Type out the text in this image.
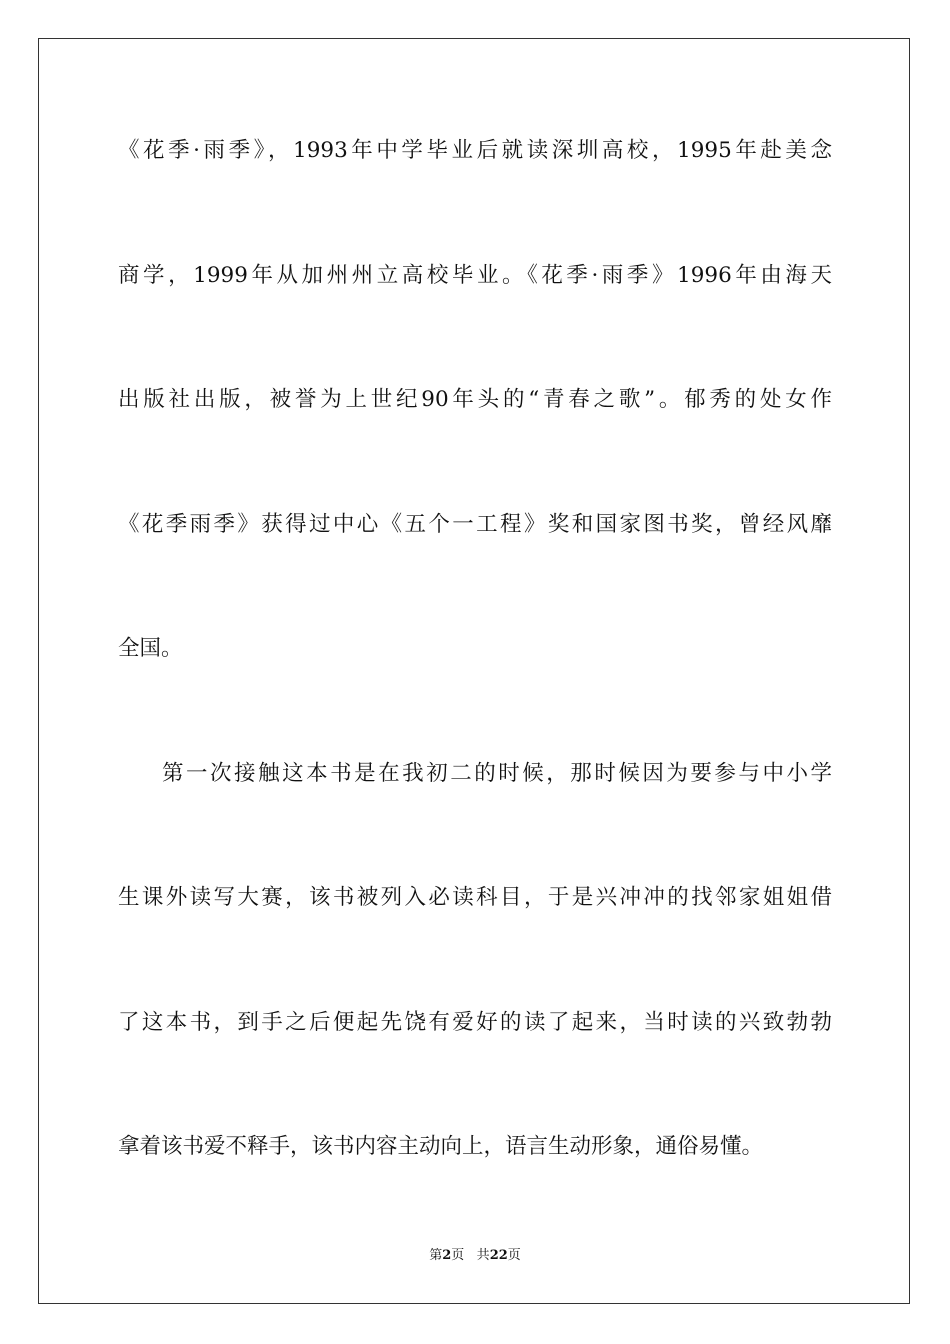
《花季·雨季》，1993年中学毕业后就读深圳高校，1995年赴美念
商学，1999年从加州州立高校毕业。《花季·雨季》1996年由海天
出版社出版，被誉为上世纪90年头的“青春之歌”。郁秀的处女作
《花季雨季》获得过中心《五个一工程》奖和国家图书奖，曾经风靡
全国。
第一次接触这本书是在我初二的时候，那时候因为要参与中小学
生课外读写大赛，该书被列入必读科目，于是兴冲冲的找邻家姐姐借
了这本书，到手之后便起先饶有爱好的读了起来，当时读的兴致勃勃
拿着该书爱不释手，该书内容主动向上，语言生动形象，通俗易懂。
第2页 共22页
